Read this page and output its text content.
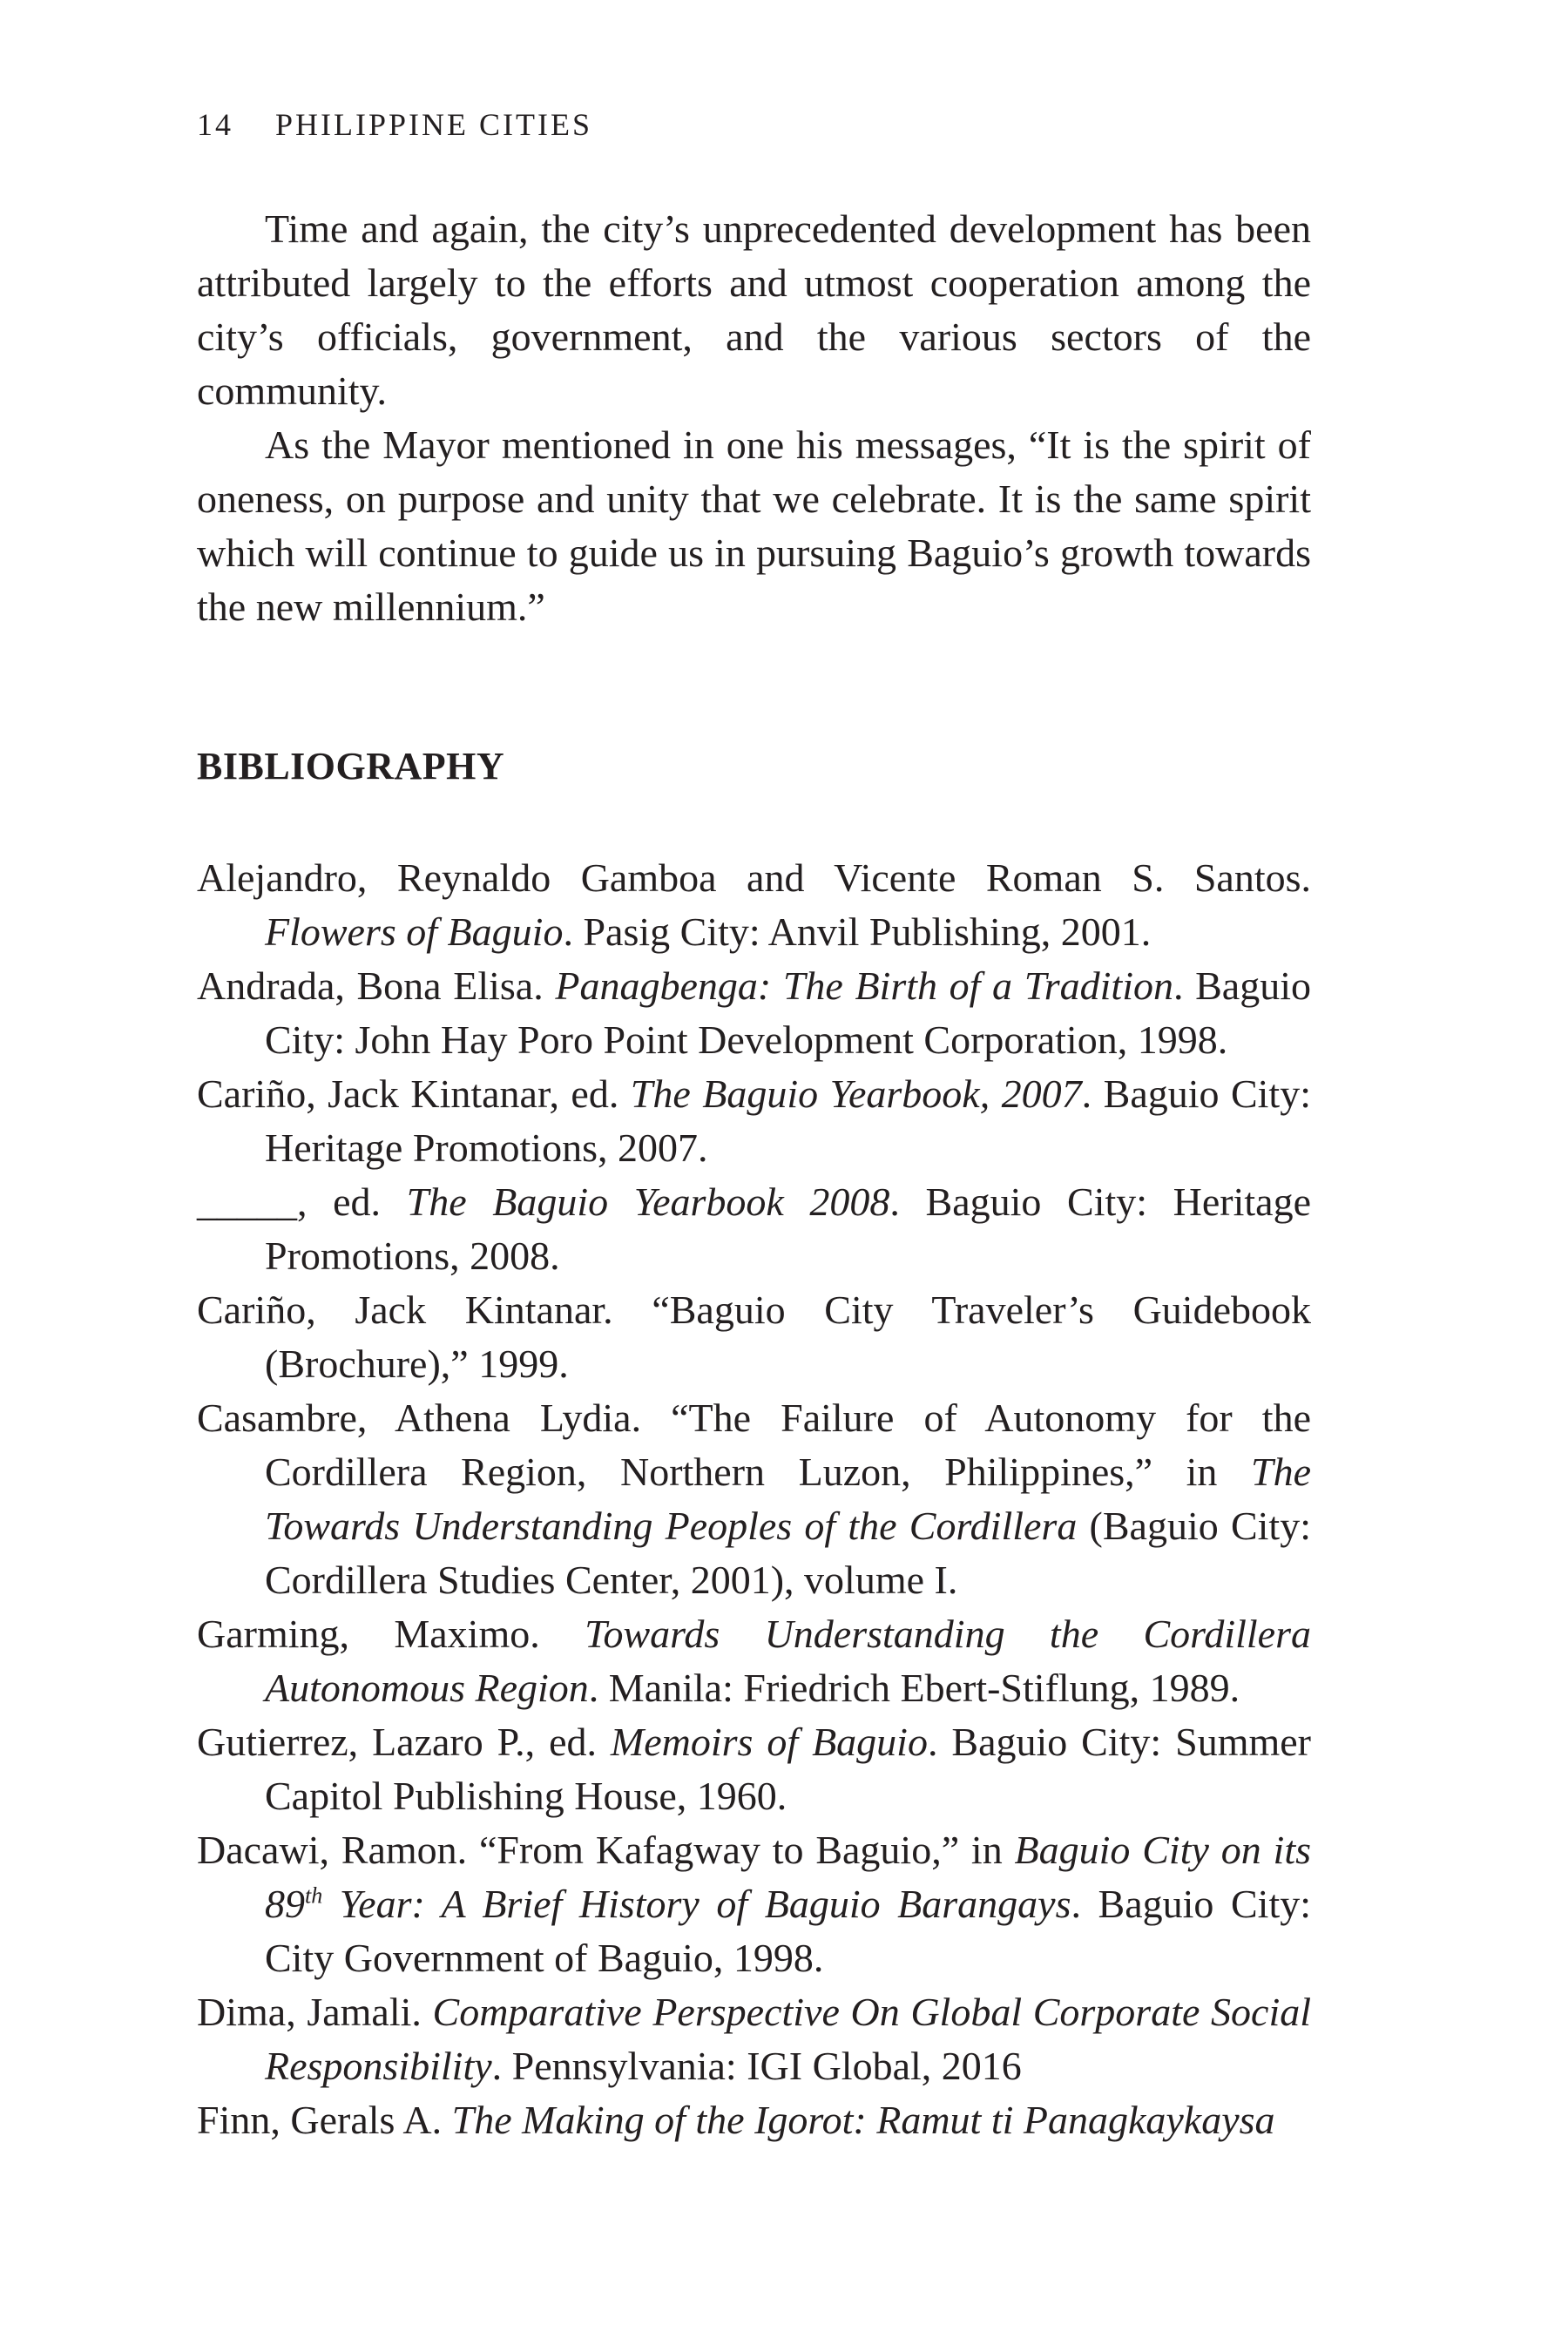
14 PHILIPPINE CITIES

Time and again, the city’s unprecedented development has been attributed largely to the efforts and utmost cooperation among the city’s officials, government, and the various sectors of the community.

As the Mayor mentioned in one his messages, “It is the spirit of oneness, on purpose and unity that we celebrate. It is the same spirit which will continue to guide us in pursuing Baguio’s growth towards the new millennium.”

BIBLIOGRAPHY

Alejandro, Reynaldo Gamboa and Vicente Roman S. Santos. Flowers of Baguio. Pasig City: Anvil Publishing, 2001.

Andrada, Bona Elisa. Panagbenga: The Birth of a Tradition. Baguio City: John Hay Poro Point Development Corporation, 1998.

Cariño, Jack Kintanar, ed. The Baguio Yearbook, 2007. Baguio City: Heritage Promotions, 2007.

_____, ed. The Baguio Yearbook 2008. Baguio City: Heritage Promotions, 2008.

Cariño, Jack Kintanar. “Baguio City Traveler’s Guidebook (Brochure),” 1999.

Casambre, Athena Lydia. “The Failure of Autonomy for the Cordillera Region, Northern Luzon, Philippines,” in The Towards Understanding Peoples of the Cordillera (Baguio City: Cordillera Studies Center, 2001), volume I.

Garming, Maximo. Towards Understanding the Cordillera Autonomous Region. Manila: Friedrich Ebert-Stiflung, 1989.

Gutierrez, Lazaro P., ed. Memoirs of Baguio. Baguio City: Summer Capitol Publishing House, 1960.

Dacawi, Ramon. “From Kafagway to Baguio,” in Baguio City on its 89th Year: A Brief History of Baguio Barangays. Baguio City: City Government of Baguio, 1998.

Dima, Jamali. Comparative Perspective On Global Corporate Social Responsibility. Pennsylvania: IGI Global, 2016

Finn, Gerals A. The Making of the Igorot: Ramut ti Panagkaykaysa
